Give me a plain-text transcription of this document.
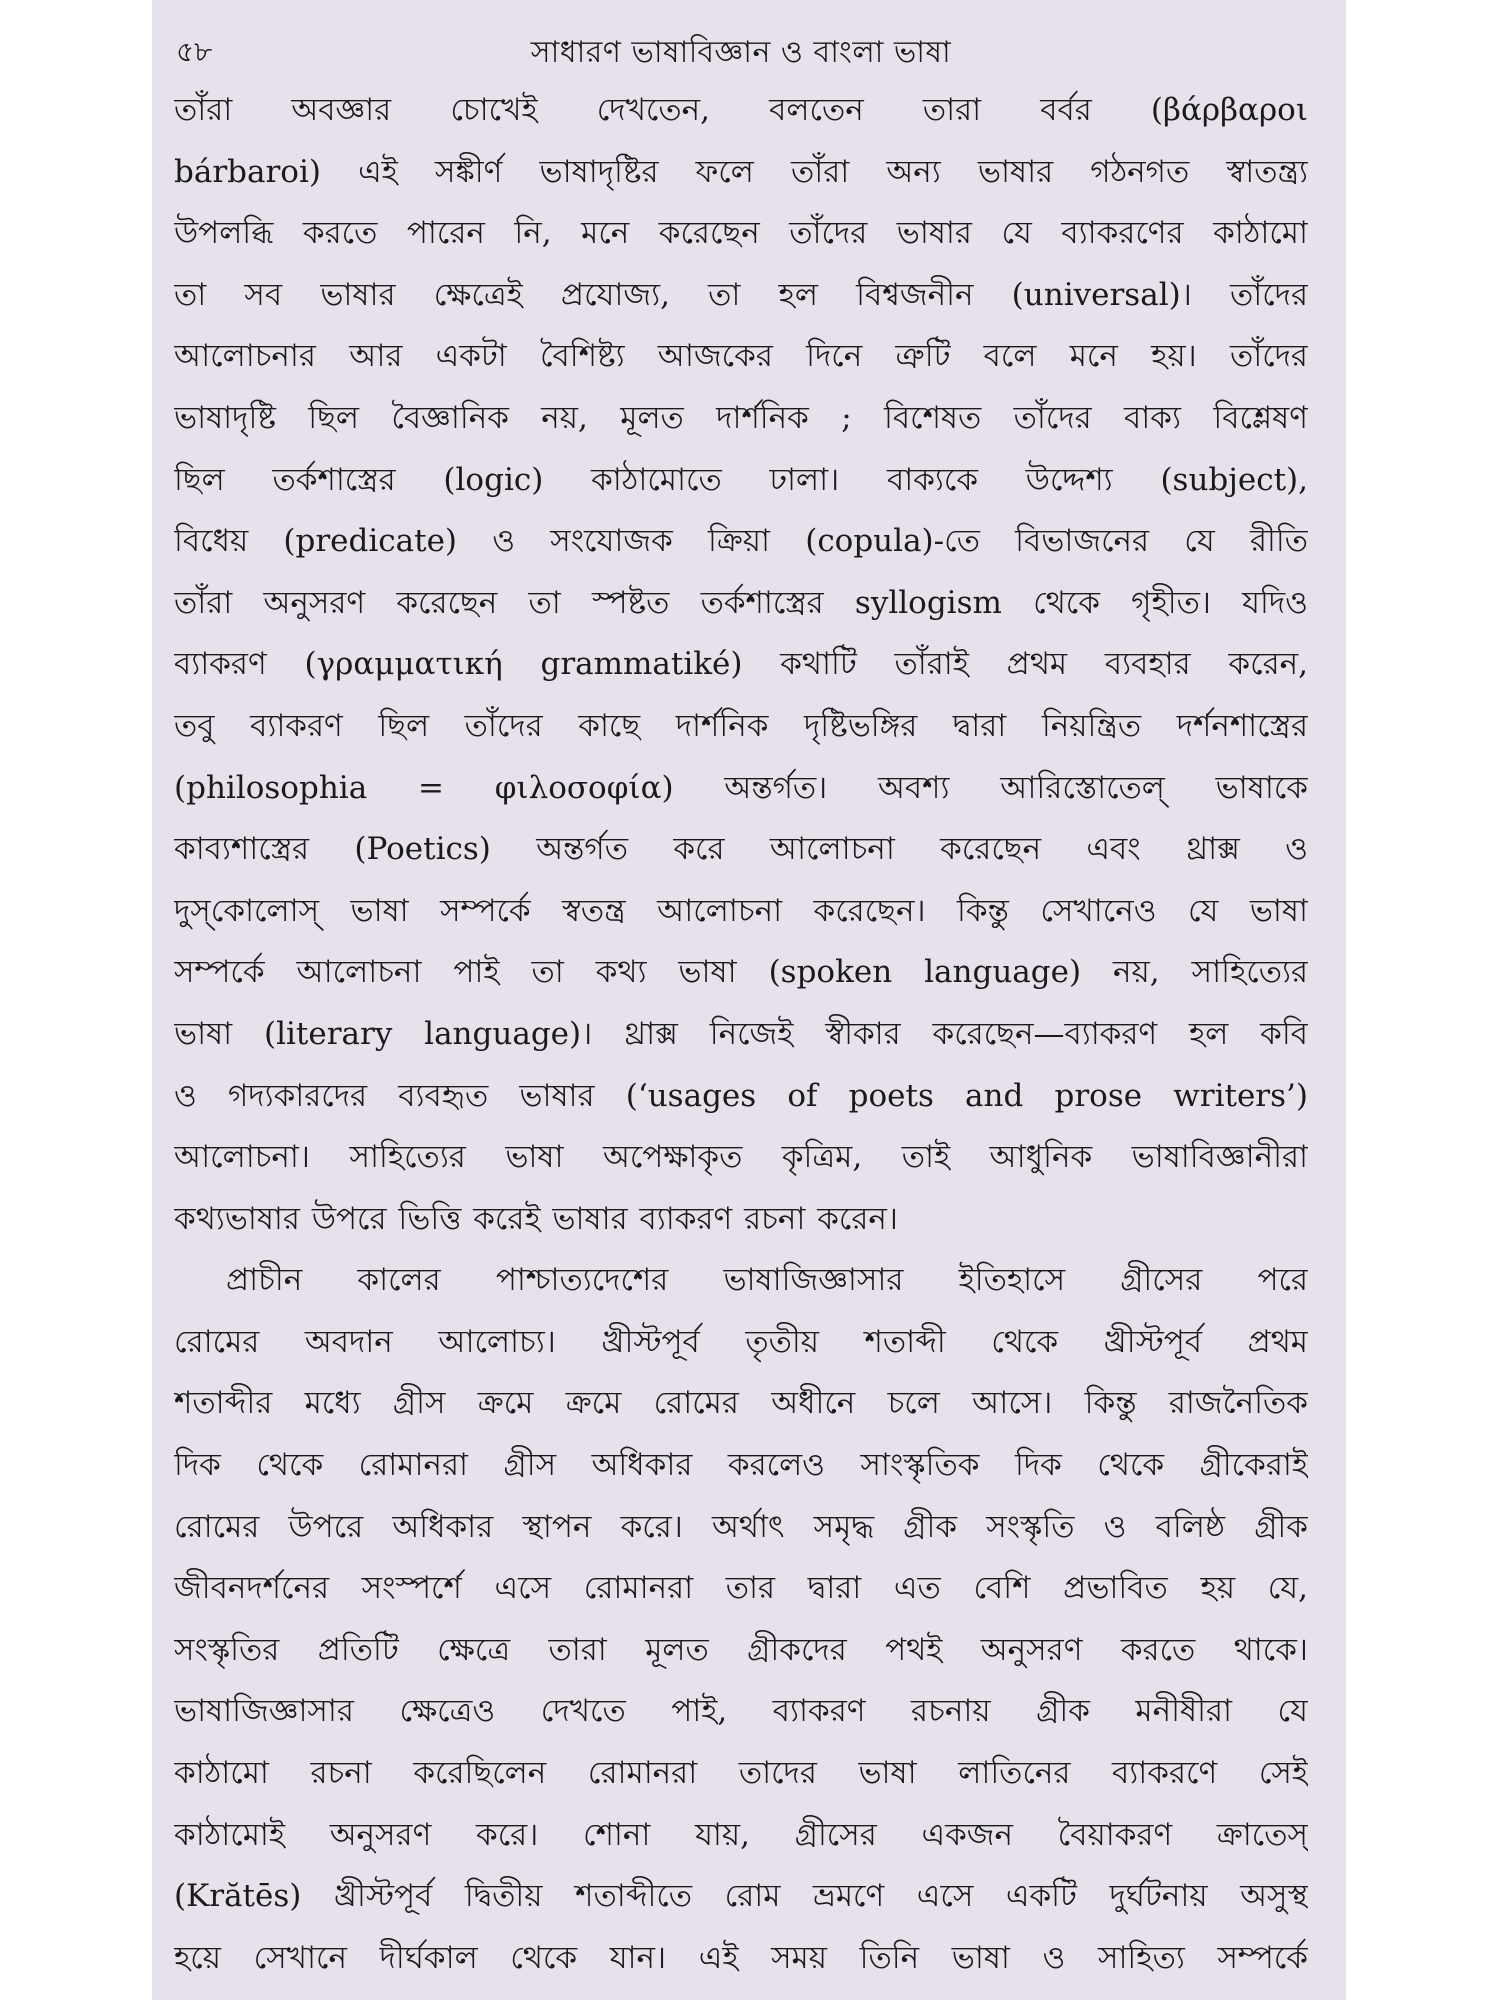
৫৮	সাধারণ ভাষাবিজ্ঞান ও বাংলা ভাষা
তাঁরা অবজ্ঞার চোখেই দেখতেন, বলতেন তারা বর্বর (βάρβαροι
bárbaroi) এই সঙ্কীর্ণ ভাষাদৃষ্টির ফলে তাঁরা অন্য ভাষার গঠনগত স্বাতন্ত্র্য
উপলব্ধি করতে পারেন নি, মনে করেছেন তাঁদের ভাষার যে ব্যাকরণের কাঠামো
তা সব ভাষার ক্ষেত্রেই প্রযোজ্য, তা হল বিশ্বজনীন (universal)। তাঁদের
আলোচনার আর একটা বৈশিষ্ট্য আজকের দিনে ত্রুটি বলে মনে হয়। তাঁদের
ভাষাদৃষ্টি ছিল বৈজ্ঞানিক নয়, মূলত দার্শনিক ; বিশেষত তাঁদের বাক্য বিশ্লেষণ
ছিল তর্কশাস্ত্রের (logic) কাঠামোতে ঢালা। বাক্যকে উদ্দেশ্য (subject),
বিধেয় (predicate) ও সংযোজক ক্রিয়া (copula)-তে বিভাজনের যে রীতি
তাঁরা অনুসরণ করেছেন তা স্পষ্টত তর্কশাস্ত্রের syllogism থেকে গৃহীত। যদিও
ব্যাকরণ (γραμματική grammatiké) কথাটি তাঁরাই প্রথম ব্যবহার করেন,
তবু ব্যাকরণ ছিল তাঁদের কাছে দার্শনিক দৃষ্টিভঙ্গির দ্বারা নিয়ন্ত্রিত দর্শনশাস্ত্রের
(philosophia = φιλοσοφία) অন্তর্গত। অবশ্য আরিস্তোতেল্ ভাষাকে
কাব্যশাস্ত্রের (Poetics) অন্তর্গত করে আলোচনা করেছেন এবং থ্রাক্স ও
দুস্‌কোলোস্ ভাষা সম্পর্কে স্বতন্ত্র আলোচনা করেছেন। কিন্তু সেখানেও যে ভাষা
সম্পর্কে আলোচনা পাই তা কথ্য ভাষা (spoken language) নয়, সাহিত্যের
ভাষা (literary language)। থ্রাক্স নিজেই স্বীকার করেছেন—ব্যাকরণ হল কবি
ও গদ্যকারদের ব্যবহৃত ভাষার (‘usages of poets and prose writers’)
আলোচনা। সাহিত্যের ভাষা অপেক্ষাকৃত কৃত্রিম, তাই আধুনিক ভাষাবিজ্ঞানীরা
কথ্যভাষার উপরে ভিত্তি করেই ভাষার ব্যাকরণ রচনা করেন।
প্রাচীন কালের পাশ্চাত্যদেশের ভাষাজিজ্ঞাসার ইতিহাসে গ্রীসের পরে
রোমের অবদান আলোচ্য। খ্রীস্টপূর্ব তৃতীয় শতাব্দী থেকে খ্রীস্টপূর্ব প্রথম
শতাব্দীর মধ্যে গ্রীস ক্রমে ক্রমে রোমের অধীনে চলে আসে। কিন্তু রাজনৈতিক
দিক থেকে রোমানরা গ্রীস অধিকার করলেও সাংস্কৃতিক দিক থেকে গ্রীকেরাই
রোমের উপরে অধিকার স্থাপন করে। অর্থাৎ সমৃদ্ধ গ্রীক সংস্কৃতি ও বলিষ্ঠ গ্রীক
জীবনদর্শনের সংস্পর্শে এসে রোমানরা তার দ্বারা এত বেশি প্রভাবিত হয় যে,
সংস্কৃতির প্রতিটি ক্ষেত্রে তারা মূলত গ্রীকদের পথই অনুসরণ করতে থাকে।
ভাষাজিজ্ঞাসার ক্ষেত্রেও দেখতে পাই, ব্যাকরণ রচনায় গ্রীক মনীষীরা যে
কাঠামো রচনা করেছিলেন রোমানরা তাদের ভাষা লাতিনের ব্যাকরণে সেই
কাঠামোই অনুসরণ করে। শোনা যায়, গ্রীসের একজন বৈয়াকরণ ক্রাতেস্
(Krătēs) খ্রীস্টপূর্ব দ্বিতীয় শতাব্দীতে রোম ভ্রমণে এসে একটি দুর্ঘটনায় অসুস্থ
হয়ে সেখানে দীর্ঘকাল থেকে যান। এই সময় তিনি ভাষা ও সাহিত্য সম্পর্কে
